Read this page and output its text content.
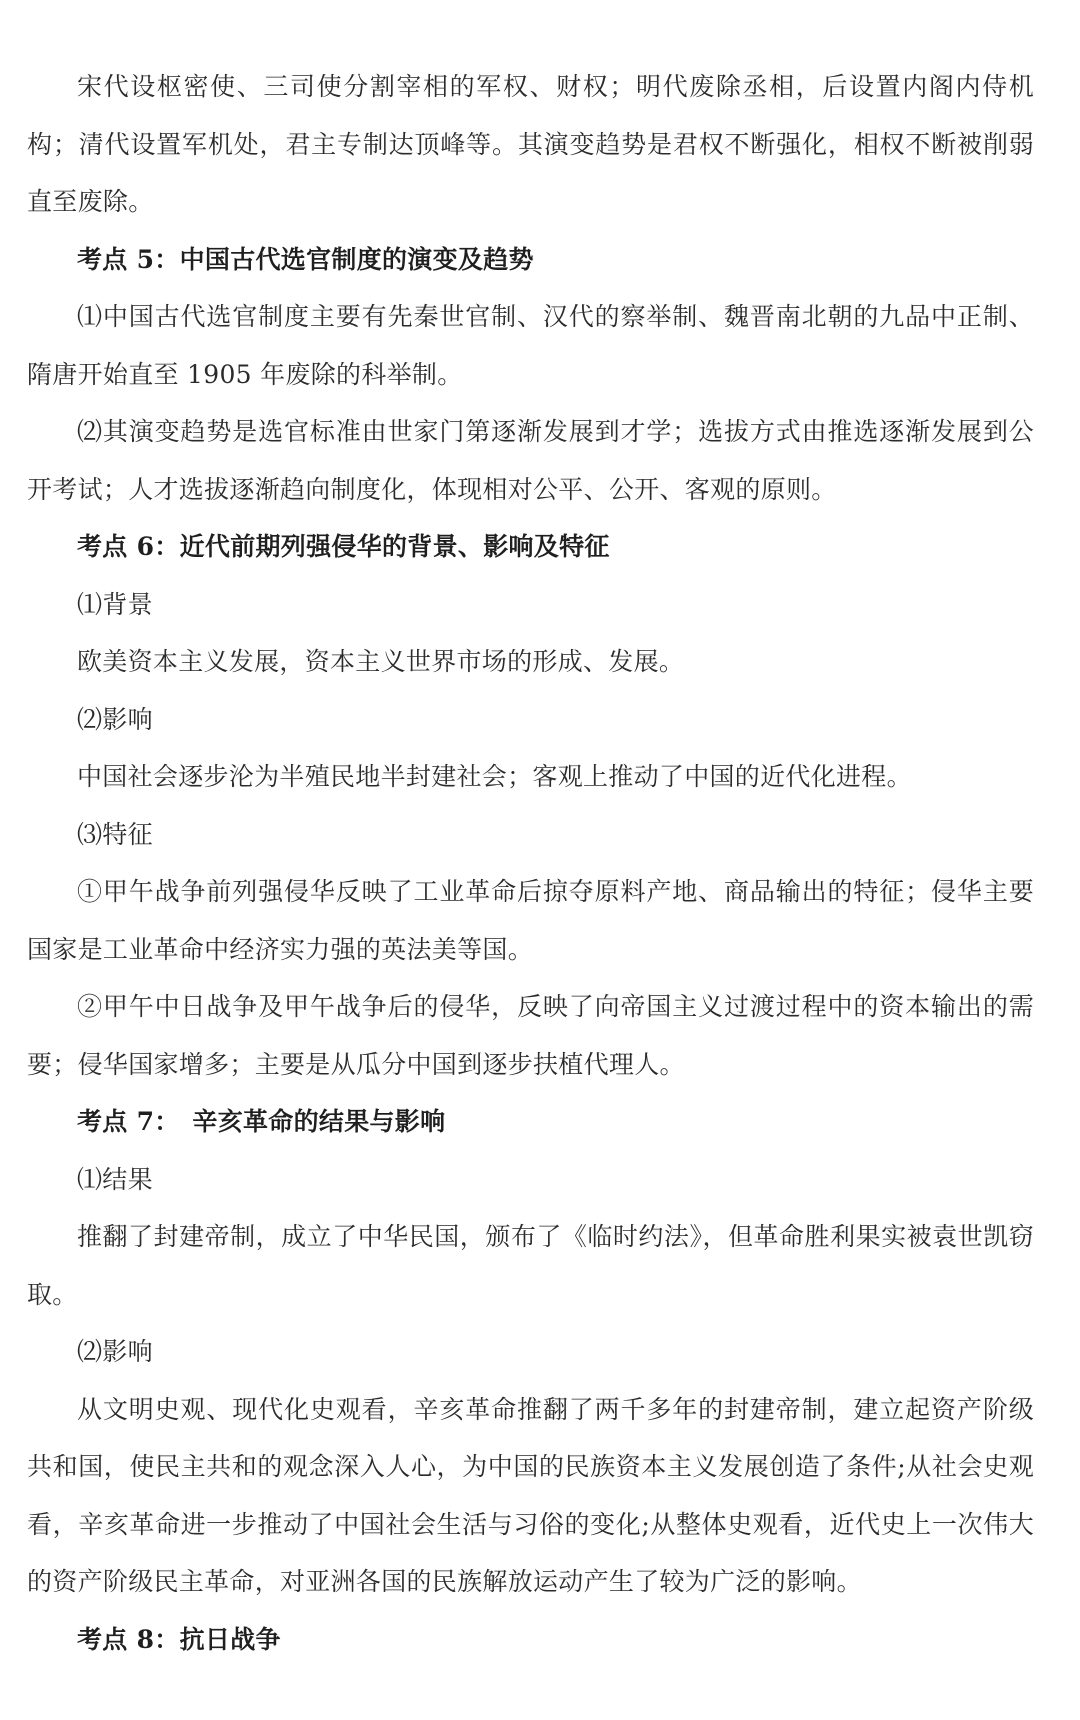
宋代设枢密使、三司使分割宰相的军权、财权；明代废除丞相，后设置内阁内侍机构；清代设置军机处，君主专制达顶峰等。其演变趋势是君权不断强化，相权不断被削弱直至废除。

考点 5：中国古代选官制度的演变及趋势

⑴中国古代选官制度主要有先秦世官制、汉代的察举制、魏晋南北朝的九品中正制、隋唐开始直至 1905 年废除的科举制。

⑵其演变趋势是选官标准由世家门第逐渐发展到才学；选拔方式由推选逐渐发展到公开考试；人才选拔逐渐趋向制度化，体现相对公平、公开、客观的原则。

考点 6：近代前期列强侵华的背景、影响及特征

⑴背景

欧美资本主义发展，资本主义世界市场的形成、发展。

⑵影响

中国社会逐步沦为半殖民地半封建社会；客观上推动了中国的近代化进程。

⑶特征

①甲午战争前列强侵华反映了工业革命后掠夺原料产地、商品输出的特征；侵华主要国家是工业革命中经济实力强的英法美等国。

②甲午中日战争及甲午战争后的侵华，反映了向帝国主义过渡过程中的资本输出的需要；侵华国家增多；主要是从瓜分中国到逐步扶植代理人。

考点 7：　辛亥革命的结果与影响

⑴结果

推翻了封建帝制，成立了中华民国，颁布了《临时约法》，但革命胜利果实被袁世凯窃取。

⑵影响

从文明史观、现代化史观看，辛亥革命推翻了两千多年的封建帝制，建立起资产阶级共和国，使民主共和的观念深入人心，为中国的民族资本主义发展创造了条件;从社会史观看，辛亥革命进一步推动了中国社会生活与习俗的变化;从整体史观看，近代史上一次伟大的资产阶级民主革命，对亚洲各国的民族解放运动产生了较为广泛的影响。

考点 8：抗日战争
